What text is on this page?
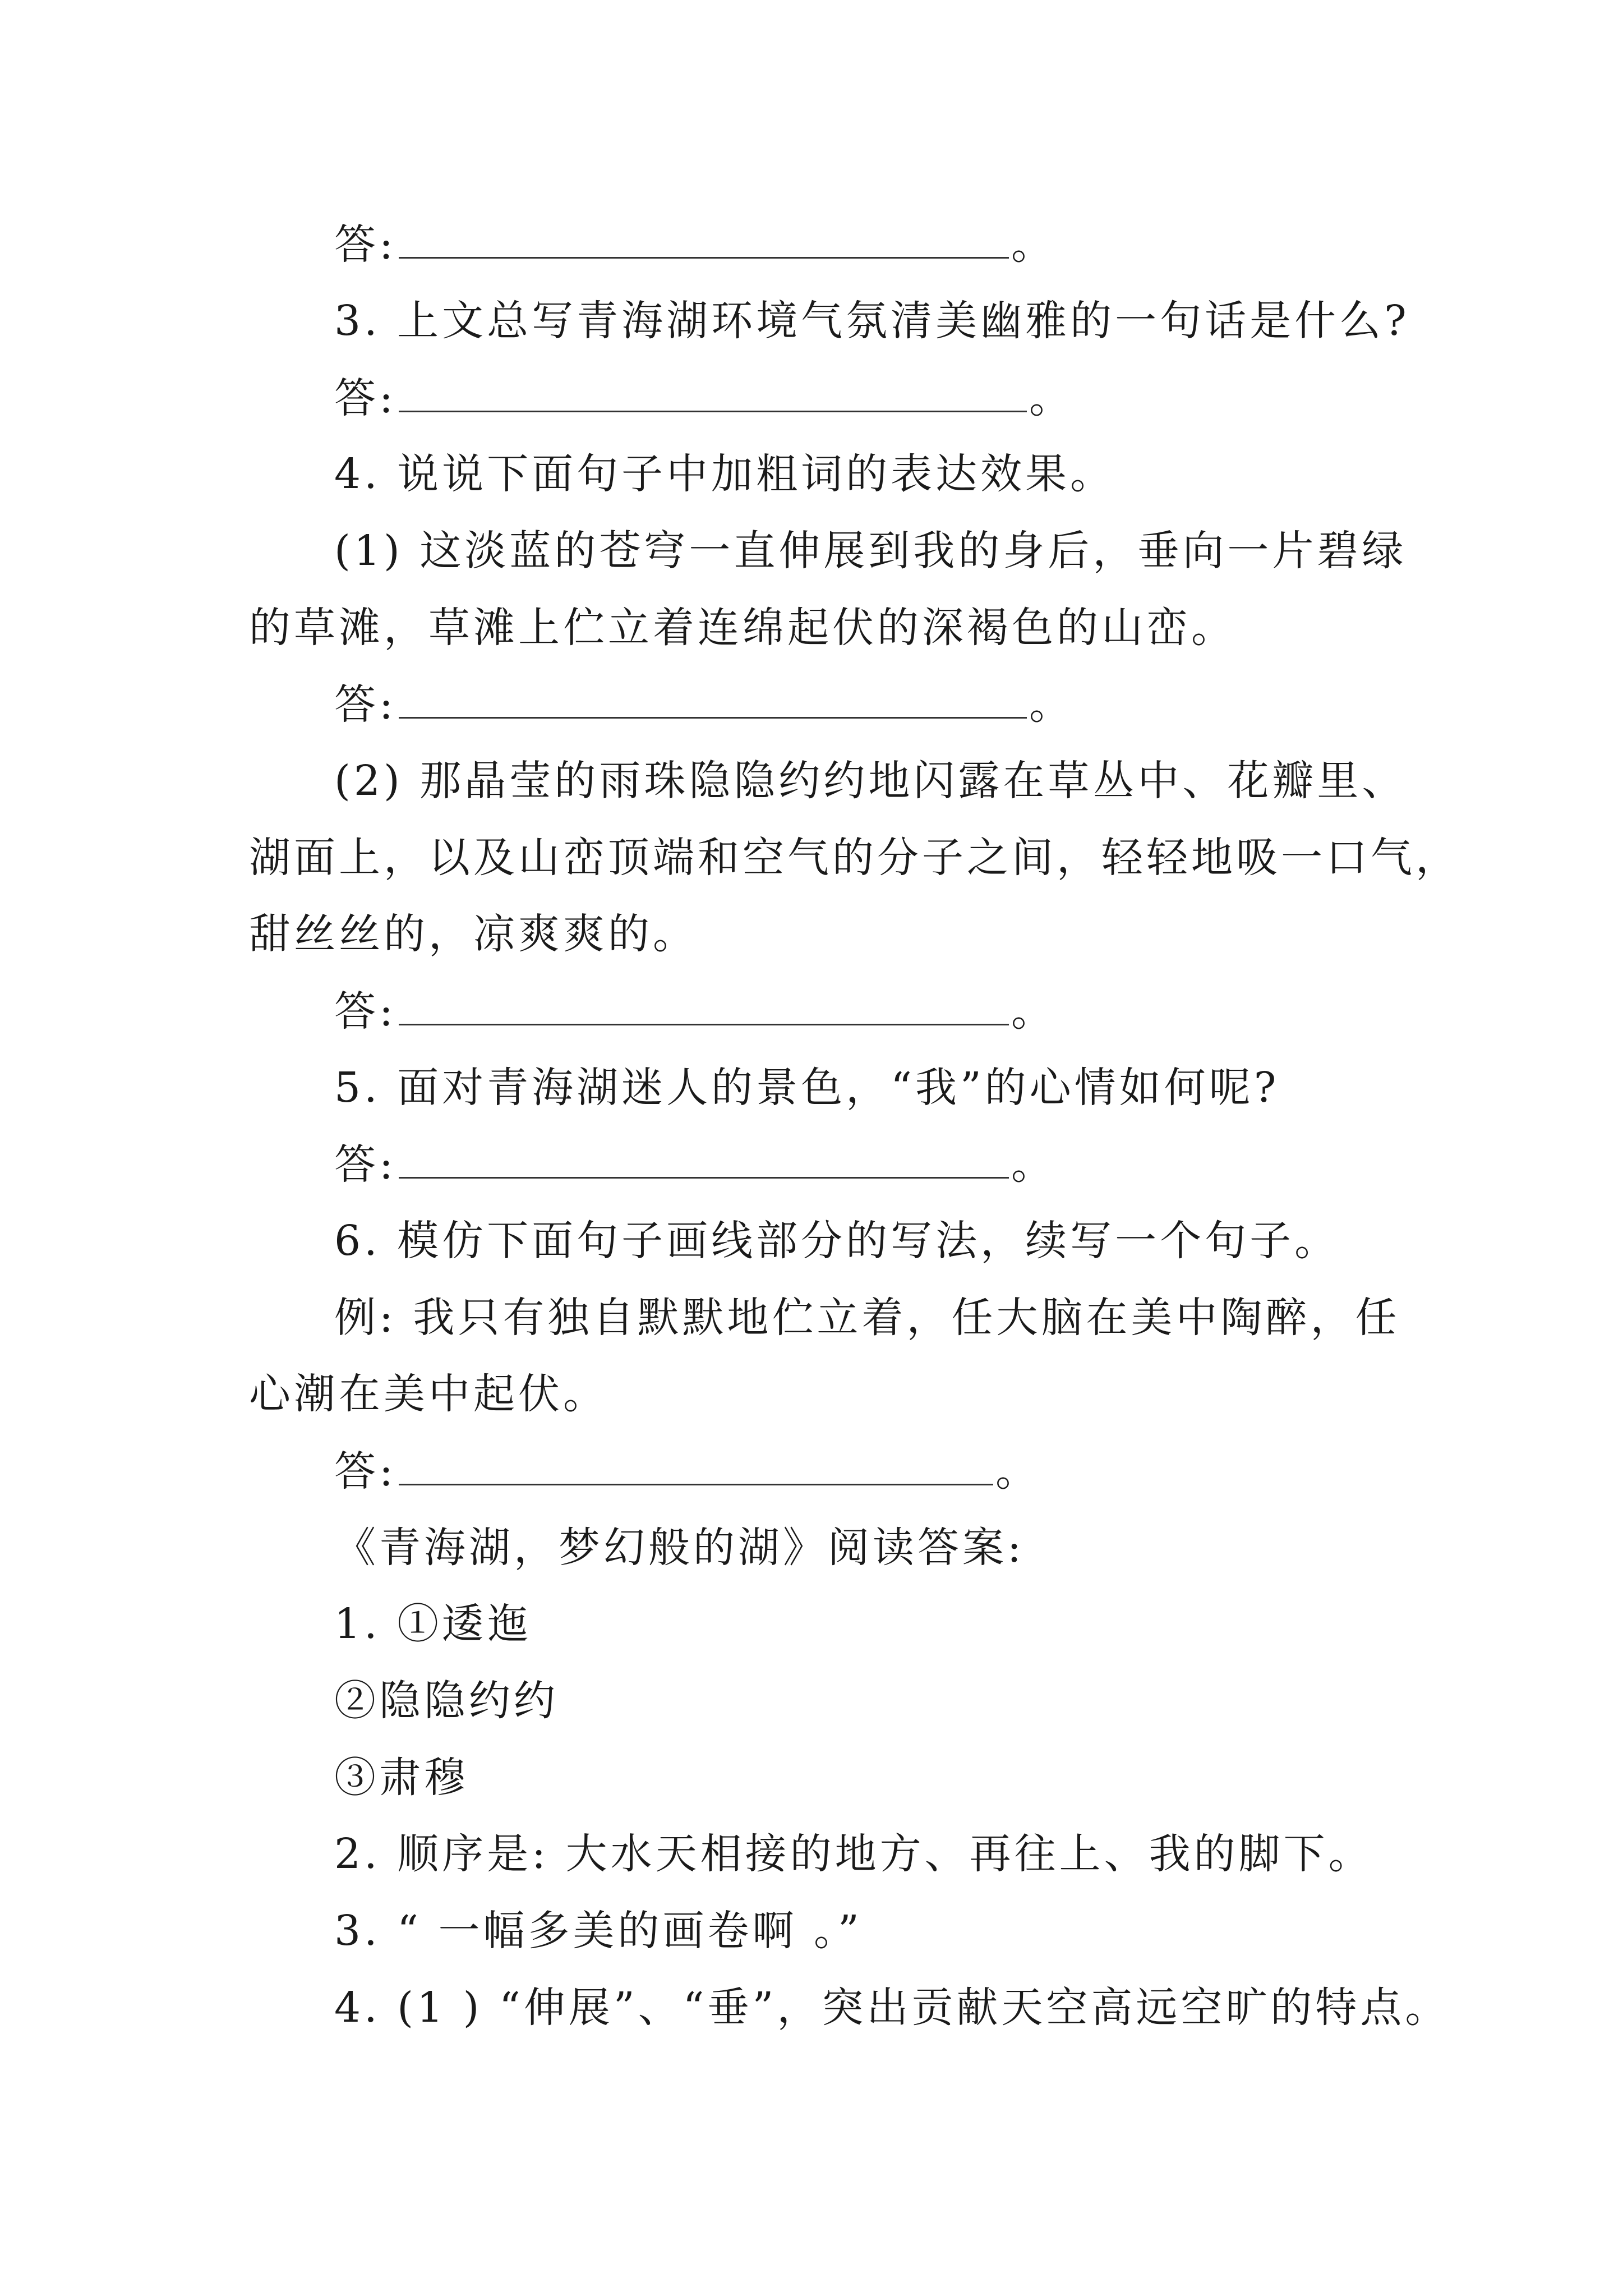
答:	。
3. 上文总写青海湖环境气氛清美幽雅的一句话是什么?
答:	。
4. 说说下面句子中加粗词的表达效果。
(1) 这淡蓝的苍穹一直伸展到我的身后，垂向一片碧绿
的草滩，草滩上伫立着连绵起伏的深褐色的山峦。
答:	。
(2) 那晶莹的雨珠隐隐约约地闪露在草丛中、花瓣里、
湖面上，以及山峦顶端和空气的分子之间，轻轻地吸一口气，
甜丝丝的，凉爽爽的。
答:	。
5. 面对青海湖迷人的景色，“我”的心情如何呢?
答:	。
6. 模仿下面句子画线部分的写法，续写一个句子。
例: 我只有独自默默地伫立着，任大脑在美中陶醉，任
心潮在美中起伏。
答:	。
《青海湖，梦幻般的湖》阅读答案:
1. ①逶迤
②隐隐约约
③肃穆
2. 顺序是: 大水天相接的地方、再往上、我的脚下。
3. “ 一幅多美的画卷啊 。”
4. (1 ) “伸展”、“垂”，突出贡献天空高远空旷的特点。
